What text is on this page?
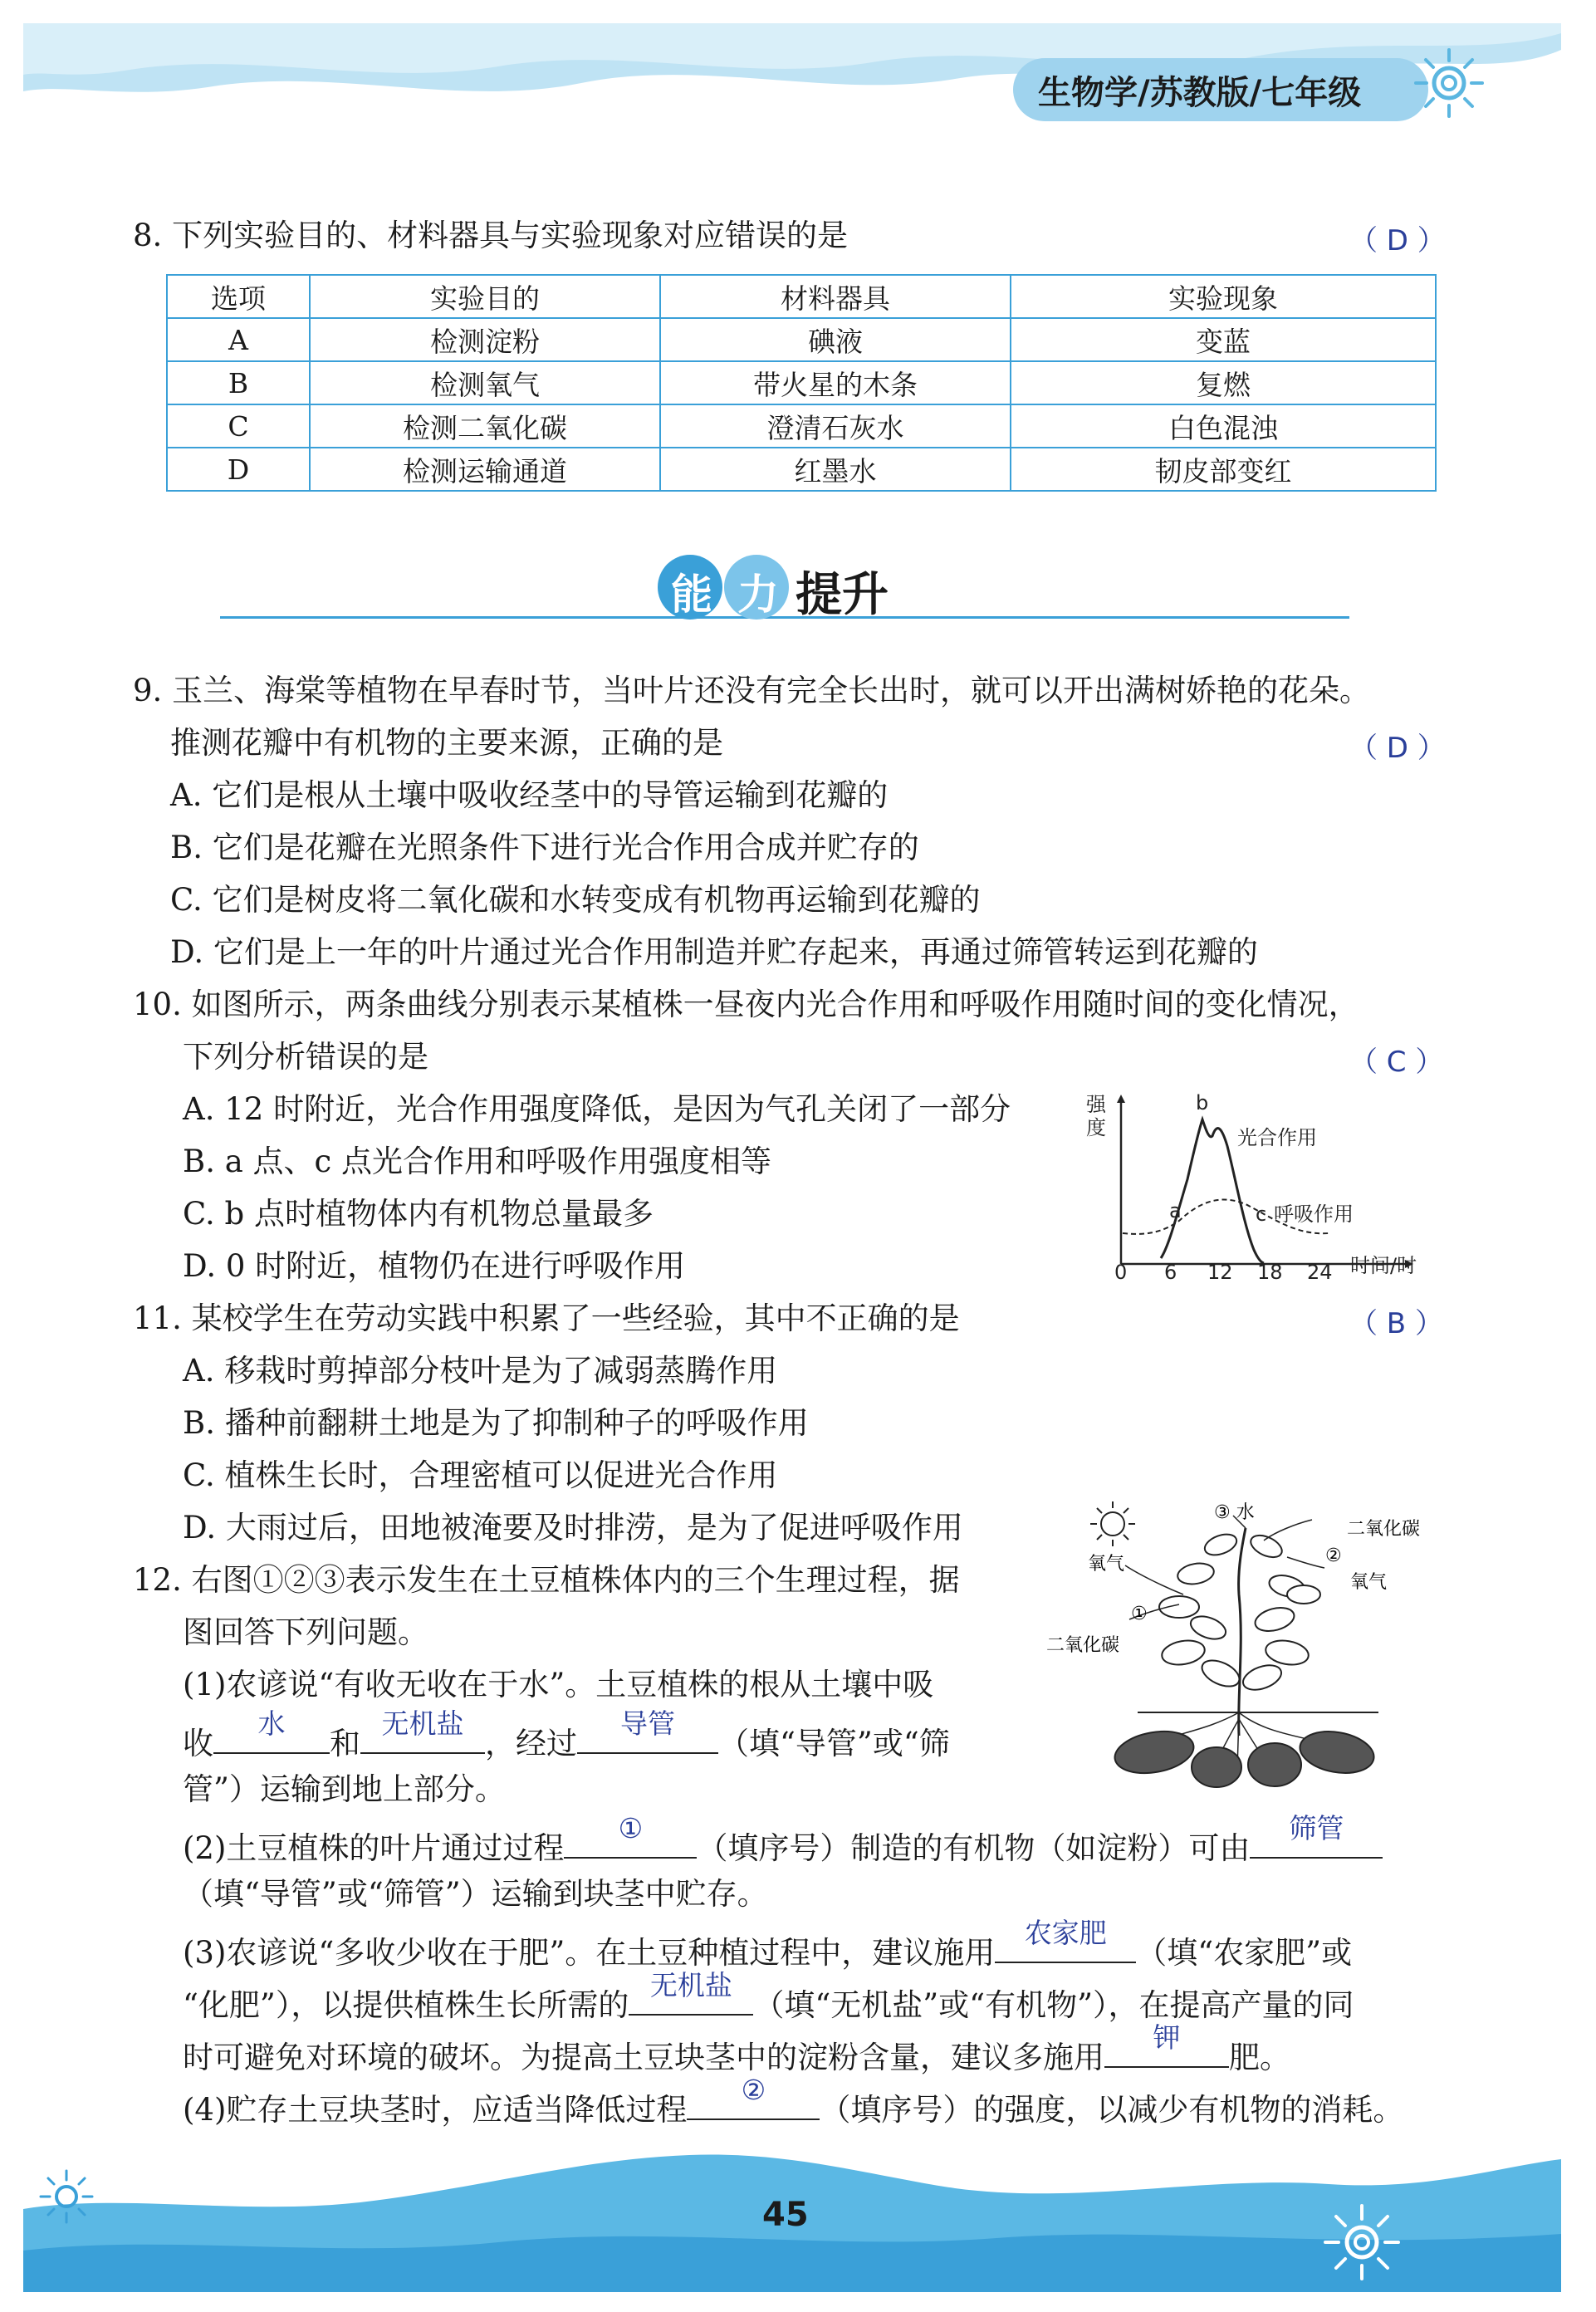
生物学/苏教版/七年级
8. 下列实验目的、材料器具与实验现象对应错误的是	（ D ）
选项	实验目的	材料器具	实验现象
A	检测淀粉	碘液	变蓝
B	检测氧气	带火星的木条	复燃
C	检测二氧化碳	澄清石灰水	白色混浊
D	检测运输通道	红墨水	韧皮部变红
能 力 提升
9. 玉兰、海棠等植物在早春时节，当叶片还没有完全长出时，就可以开出满树娇艳的花朵。
推测花瓣中有机物的主要来源，正确的是	（ D ）
A. 它们是根从土壤中吸收经茎中的导管运输到花瓣的
B. 它们是花瓣在光照条件下进行光合作用合成并贮存的
C. 它们是树皮将二氧化碳和水转变成有机物再运输到花瓣的
D. 它们是上一年的叶片通过光合作用制造并贮存起来，再通过筛管转运到花瓣的
10. 如图所示，两条曲线分别表示某植株一昼夜内光合作用和呼吸作用随时间的变化情况，
下列分析错误的是	（ C ）
A. 12 时附近，光合作用强度降低，是因为气孔关闭了一部分
B. a 点、c 点光合作用和呼吸作用强度相等
C. b 点时植物体内有机物总量最多
D. 0 时附近，植物仍在进行呼吸作用
强
度
时间/时
0 6 12 18 24
a
b
c
光合作用
呼吸作用
11. 某校学生在劳动实践中积累了一些经验，其中不正确的是	（ B ）
A. 移栽时剪掉部分枝叶是为了减弱蒸腾作用
B. 播种前翻耕土地是为了抑制种子的呼吸作用
C. 植株生长时，合理密植可以促进光合作用
D. 大雨过后，田地被淹要及时排涝，是为了促进呼吸作用
12. 右图①②③表示发生在土豆植株体内的三个生理过程，据
图回答下列问题。
(1)农谚说“有收无收在于水”。土豆植株的根从土壤中吸
收
水
和
无机盐
，经过
导管
（填“导管”或“筛
管”）运输到地上部分。
(2)土豆植株的叶片通过过程
①
（填序号）制造的有机物（如淀粉）可由
筛管
（填“导管”或“筛管”）运输到块茎中贮存。
(3)农谚说“多收少收在于肥”。在土豆种植过程中，建议施用
农家肥
（填“农家肥”或
“化肥”），以提供植株生长所需的
无机盐
（填“无机盐”或“有机物”），在提高产量的同
时可避免对环境的破坏。为提高土豆块茎中的淀粉含量，建议多施用
钾
肥。
(4)贮存土豆块茎时，应适当降低过程
②
（填序号）的强度，以减少有机物的消耗。
③ 水
二氧化碳
②
氧气
氧气
①
二氧化碳
45
